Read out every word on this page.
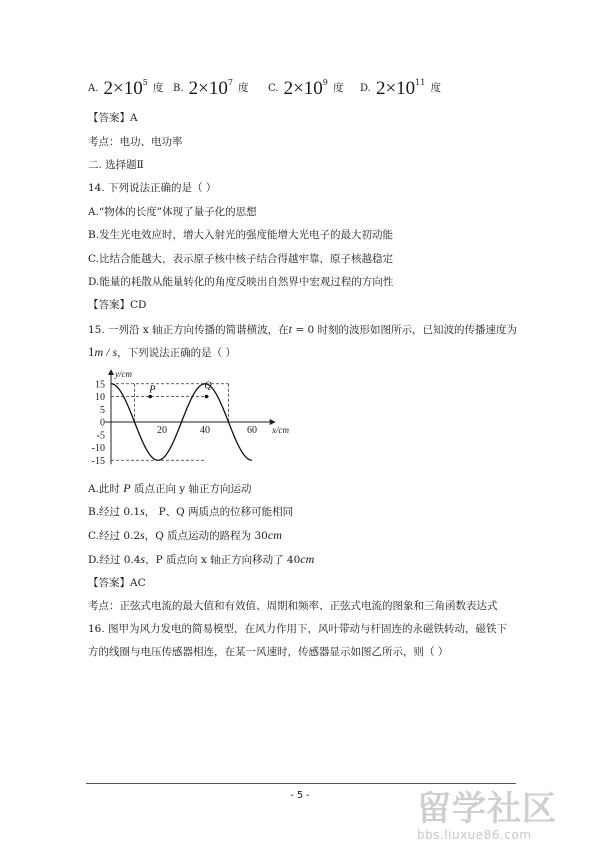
A. $2\times 10^5$ 度 B. $2\times 10^7$ 度 C. $2\times 10^9$ 度 D. $2\times 10^{11}$ 度
【答案】A
考点：电功、电功率
二. 选择题Ⅱ
14. 下列说法正确的是（ ）
A.“物体的长度”体现了量子化的思想
B.发生光电效应时，增大入射光的强度能增大光电子的最大初动能
C.比结合能越大，表示原子核中核子结合得越牢靠，原子核越稳定
D.能量的耗散从能量转化的角度反映出自然界中宏观过程的方向性
【答案】CD
15. 一列沿 x 轴正方向传播的简谐横波，在t = 0 时刻的波形如图所示，已知波的传播速度为
1m / s，下列说法正确的是（ ）
y/cm
x/cm
15
10
5
0
-5
-10
-15
20	40	60
P	Q
A.此时 P 质点正向 y 轴正方向运动
B.经过 0.1s， P、Q 两质点的位移可能相同
C.经过 0.2s，Q 质点运动的路程为 30cm
D.经过 0.4s，P 质点向 x 轴正方向移动了 40cm
【答案】AC
考点：正弦式电流的最大值和有效值、周期和频率、正弦式电流的图象和三角函数表达式
16. 图甲为风力发电的简易模型，在风力作用下，风叶带动与杆固连的永磁铁转动，磁铁下
方的线圈与电压传感器相连，在某一风速时，传感器显示如图乙所示，则（ ）
- 5 -	留学社区
bbs.liuxue86.com
